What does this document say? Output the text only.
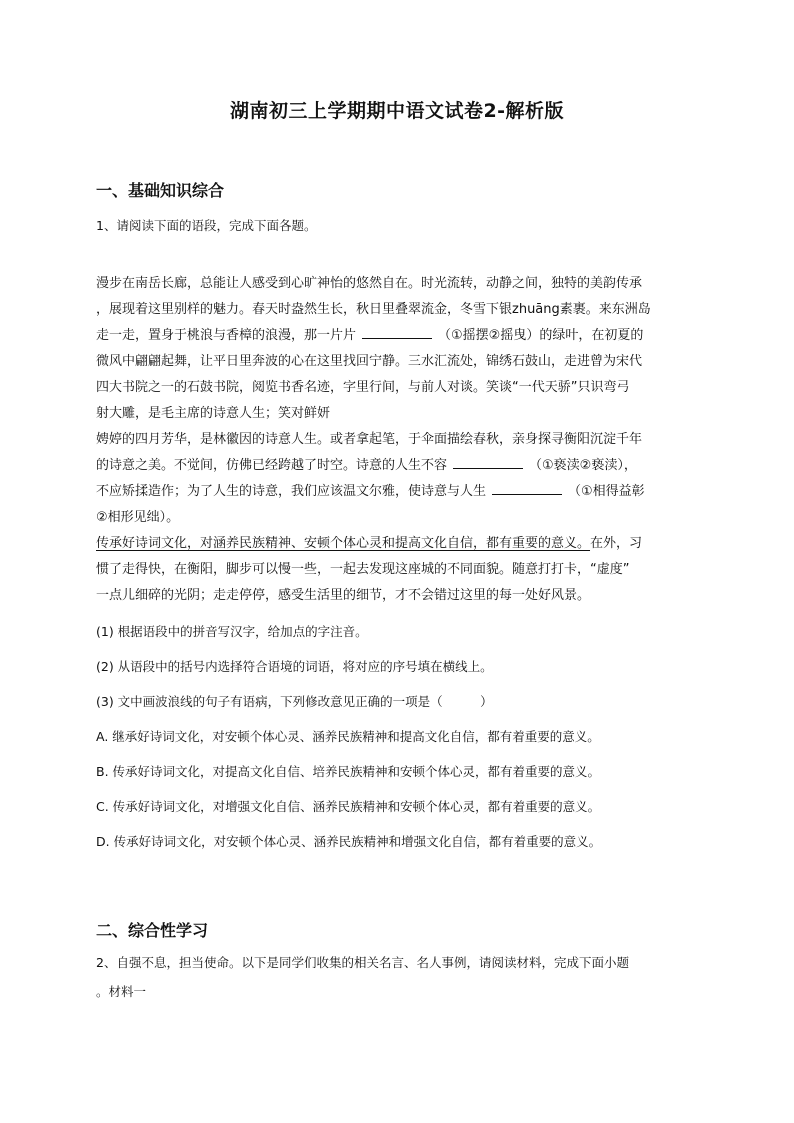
湖南初三上学期期中语文试卷2-解析版
一、基础知识综合
1、请阅读下面的语段，完成下面各题。
漫步在南岳长廊，总能让人感受到心旷神怡的悠然自在。时光流转，动静之间，独特的美韵传承
，展现着这里别样的魅力。春天时盎然生长，秋日里叠翠流金，冬雪下银zhuāng素裹。来东洲岛
走一走，置身于桃浪与香樟的浪漫，那一片片	（①摇摆②摇曳）的绿叶，在初夏的
微风中翩翩起舞，让平日里奔波的心在这里找回宁静。三水汇流处，锦绣石鼓山，走进曾为宋代
四大书院之一的石鼓书院，阅览书香名迹，字里行间，与前人对谈。笑谈“一代天骄”只识弯弓
射大雕，是毛主席的诗意人生；笑对鲜妍
娉婷的四月芳华，是林徽因的诗意人生。或者拿起笔，于伞面描绘春秋，亲身探寻衡阳沉淀千年
的诗意之美。不觉间，仿佛已经跨越了时空。诗意的人生不容	（①亵渎②亵渎），
不应矫揉造作；为了人生的诗意，我们应该温文尔雅，使诗意与人生	（①相得益彰
②相形见绌）。
传承好诗词文化，对涵养民族精神、安顿个体心灵和提高文化自信，都有重要的意义。在外，习
惯了走得快，在衡阳，脚步可以慢一些，一起去发现这座城的不同面貌。随意打打卡，“虚度”
一点儿细碎的光阴；走走停停，感受生活里的细节，才不会错过这里的每一处好风景。
(1) 根据语段中的拼音写汉字，给加点的字注音。
(2) 从语段中的括号内选择符合语境的词语，将对应的序号填在横线上。
(3) 文中画波浪线的句子有语病，下列修改意见正确的一项是（　　　）
A. 继承好诗词文化，对安顿个体心灵、涵养民族精神和提高文化自信，都有着重要的意义。
B. 传承好诗词文化，对提高文化自信、培养民族精神和安顿个体心灵，都有着重要的意义。
C. 传承好诗词文化，对增强文化自信、涵养民族精神和安顿个体心灵，都有着重要的意义。
D. 传承好诗词文化，对安顿个体心灵、涵养民族精神和增强文化自信，都有着重要的意义。
二、综合性学习
2、自强不息，担当使命。以下是同学们收集的相关名言、名人事例，请阅读材料，完成下面小题
。材料一
